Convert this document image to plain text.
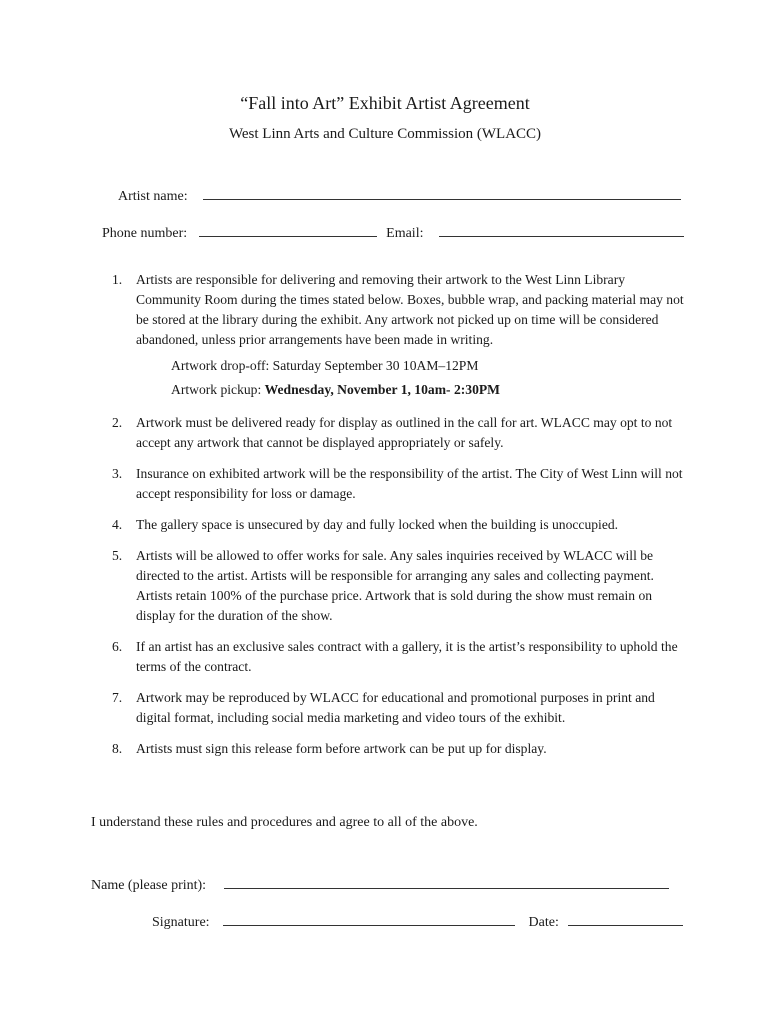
“Fall into Art” Exhibit Artist Agreement
West Linn Arts and Culture Commission (WLACC)
Artist name:
Phone number:	Email:
1. Artists are responsible for delivering and removing their artwork to the West Linn Library Community Room during the times stated below. Boxes, bubble wrap, and packing material may not be stored at the library during the exhibit. Any artwork not picked up on time will be considered abandoned, unless prior arrangements have been made in writing.
Artwork drop-off: Saturday September 30 10AM–12PM
Artwork pickup: Wednesday, November 1, 10am- 2:30PM
2. Artwork must be delivered ready for display as outlined in the call for art. WLACC may opt to not accept any artwork that cannot be displayed appropriately or safely.
3. Insurance on exhibited artwork will be the responsibility of the artist. The City of West Linn will not accept responsibility for loss or damage.
4. The gallery space is unsecured by day and fully locked when the building is unoccupied.
5. Artists will be allowed to offer works for sale. Any sales inquiries received by WLACC will be directed to the artist. Artists will be responsible for arranging any sales and collecting payment. Artists retain 100% of the purchase price. Artwork that is sold during the show must remain on display for the duration of the show.
6. If an artist has an exclusive sales contract with a gallery, it is the artist’s responsibility to uphold the terms of the contract.
7. Artwork may be reproduced by WLACC for educational and promotional purposes in print and digital format, including social media marketing and video tours of the exhibit.
8. Artists must sign this release form before artwork can be put up for display.
I understand these rules and procedures and agree to all of the above.
Name (please print):
Signature:	Date:
